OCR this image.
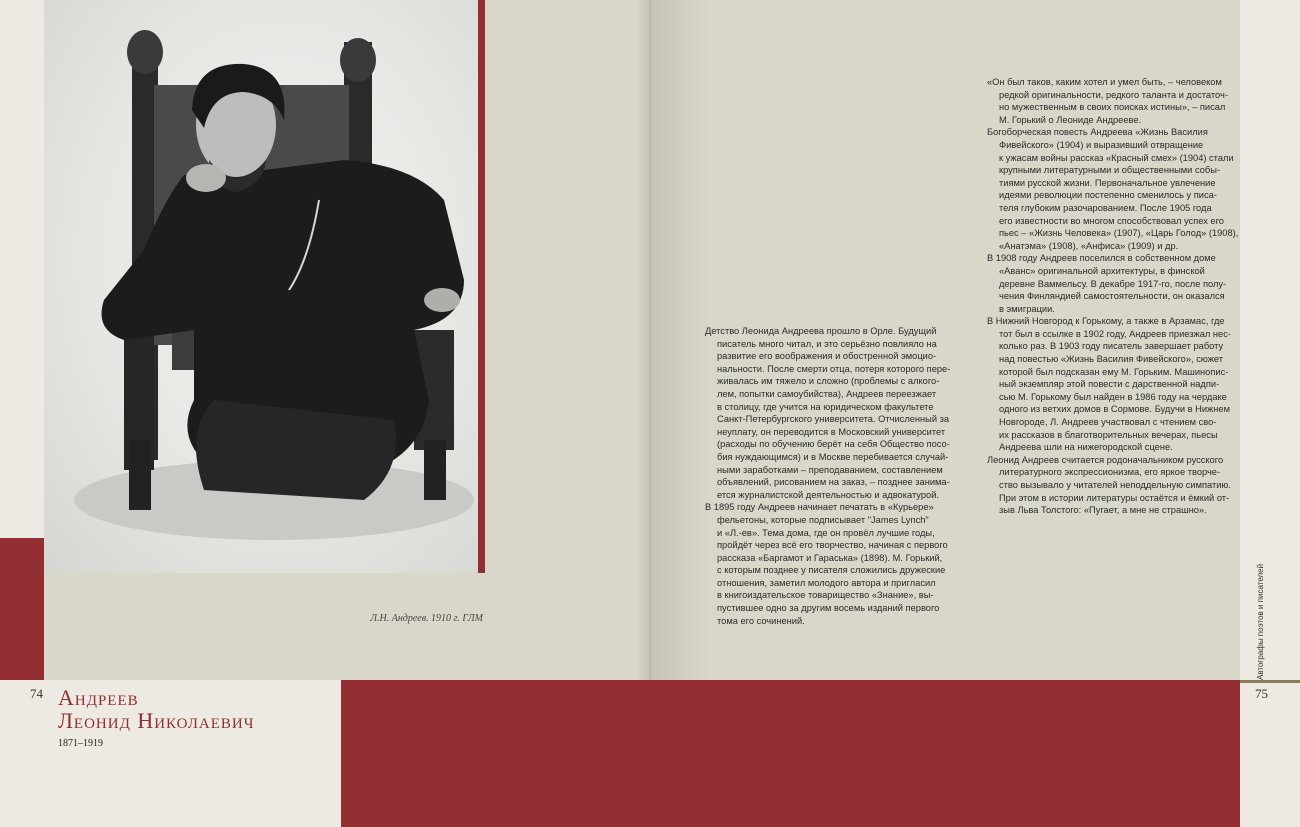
Л.Н. Андреев. 1910 г. ГЛМ
74	75
Автографы поэтов и писателей
Андреев
Леонид Николаевич
1871–1919

Детство Леонида Андреева прошло в Орле. Будущий
писатель много читал, и это серьёзно повлияло на
развитие его воображения и обостренной эмоцио-
нальности. После смерти отца, потеря которого пере-
живалась им тяжело и сложно (проблемы с алкого-
лем, попытки самоубийства), Андреев переезжает
в столицу, где учится на юридическом факультете
Санкт-Петербургского университета. Отчисленный за
неуплату, он переводится в Московский университет
(расходы по обучению берёт на себя Общество посо-
бия нуждающимся) и в Москве перебивается случай-
ными заработками – преподаванием, составлением
объявлений, рисованием на заказ, – позднее занима-
ется журналистской деятельностью и адвокатурой.

В 1895 году Андреев начинает печатать в «Курьере»
фельетоны, которые подписывает "James Lynch"
и «Л.-ев». Тема дома, где он провёл лучшие годы,
пройдёт через всё его творчество, начиная с первого
рассказа «Баргамот и Гараська» (1898). М. Горький,
с которым позднее у писателя сложились дружеские
отношения, заметил молодого автора и пригласил
в книгоиздательское товарищество «Знание», вы-
пустившее одно за другим восемь изданий первого
тома его сочинений.

«Он был таков, каким хотел и умел быть, – человеком
редкой оригинальности, редкого таланта и достаточ-
но мужественным в своих поисках истины», – писал
М. Горький о Леониде Андрееве.

Богоборческая повесть Андреева «Жизнь Василия
Фивейского» (1904) и выразивший отвращение
к ужасам войны рассказ «Красный смех» (1904) стали
крупными литературными и общественными собы-
тиями русской жизни. Первоначальное увлечение
идеями революции постепенно сменилось у писа-
теля глубоким разочарованием. После 1905 года
его известности во многом способствовал успех его
пьес – «Жизнь Человека» (1907), «Царь Голод» (1908),
«Анатэма» (1908), «Анфиса» (1909) и др.

В 1908 году Андреев поселился в собственном доме
«Аванс» оригинальной архитектуры, в финской
деревне Ваммельсу. В декабре 1917-го, после полу-
чения Финляндией самостоятельности, он оказался
в эмиграции.

В Нижний Новгород к Горькому, а также в Арзамас, где
тот был в ссылке в 1902 году, Андреев приезжал нес-
колько раз. В 1903 году писатель завершает работу
над повестью «Жизнь Василия Фивейского», сюжет
которой был подсказан ему М. Горьким. Машинопис-
ный экземпляр этой повести с дарственной надпи-
сью М. Горькому был найден в 1986 году на чердаке
одного из ветхих домов в Сормове. Будучи в Нижнем
Новгороде, Л. Андреев участвовал с чтением сво-
их рассказов в благотворительных вечерах, пьесы
Андреева шли на нижегородской сцене.

Леонид Андреев считается родоначальником русского
литературного экспрессионизма, его яркое творче-
ство вызывало у читателей неподдельную симпатию.
При этом в истории литературы остаётся и ёмкий от-
зыв Льва Толстого: «Пугает, а мне не страшно».
